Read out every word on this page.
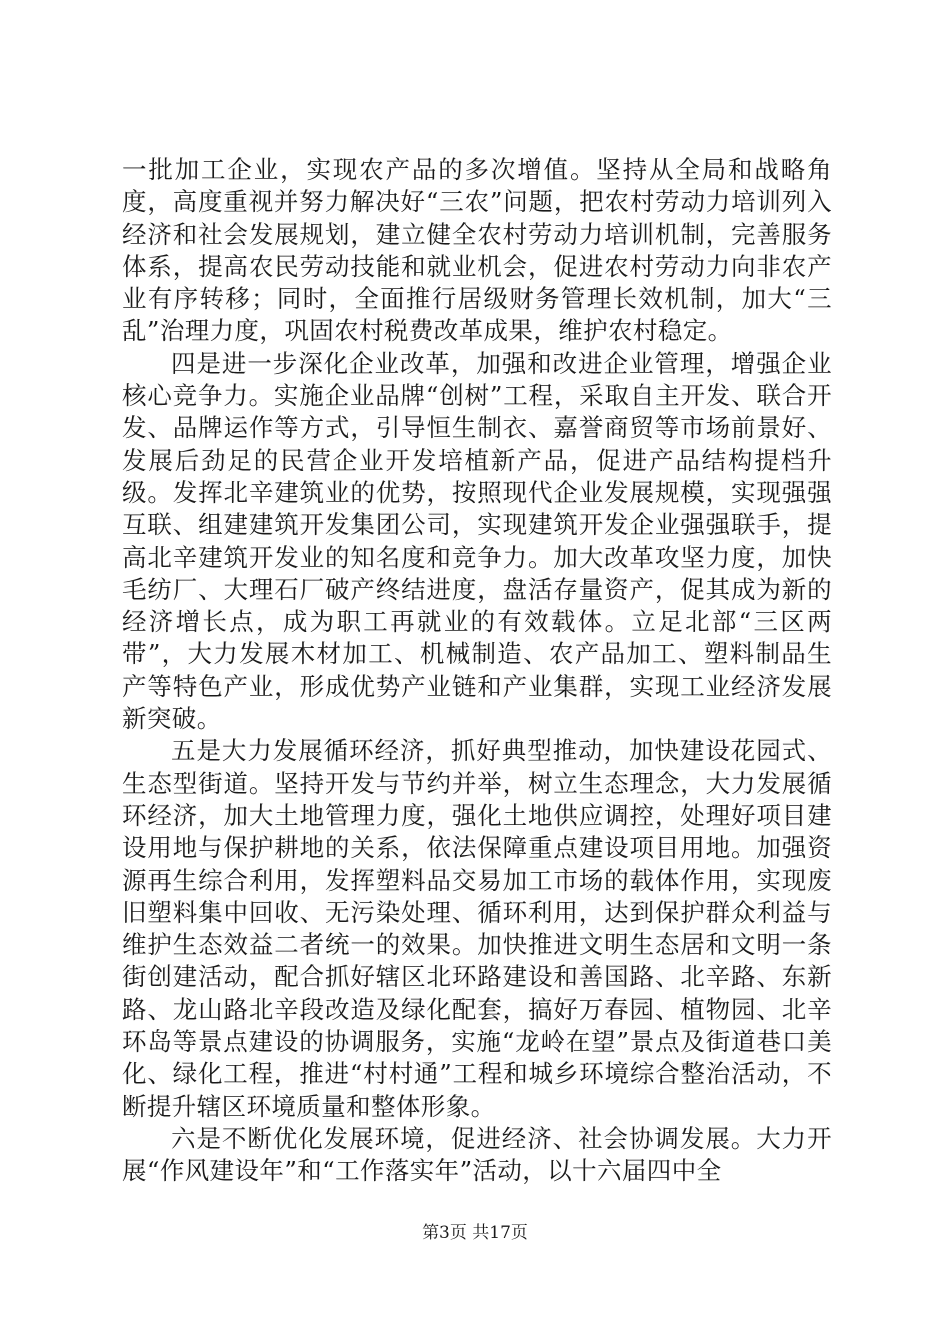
一批加工企业，实现农产品的多次增值。坚持从全局和战略角度，高度重视并努力解决好“三农”问题，把农村劳动力培训列入经济和社会发展规划，建立健全农村劳动力培训机制，完善服务体系，提高农民劳动技能和就业机会，促进农村劳动力向非农产业有序转移；同时，全面推行居级财务管理长效机制，加大“三乱”治理力度，巩固农村税费改革成果，维护农村稳定。

四是进一步深化企业改革，加强和改进企业管理，增强企业核心竞争力。实施企业品牌“创树”工程，采取自主开发、联合开发、品牌运作等方式，引导恒生制衣、嘉誉商贸等市场前景好、发展后劲足的民营企业开发培植新产品，促进产品结构提档升级。发挥北辛建筑业的优势，按照现代企业发展规模，实现强强互联、组建建筑开发集团公司，实现建筑开发企业强强联手，提高北辛建筑开发业的知名度和竞争力。加大改革攻坚力度，加快毛纺厂、大理石厂破产终结进度，盘活存量资产，促其成为新的经济增长点，成为职工再就业的有效载体。立足北部“三区两带”，大力发展木材加工、机械制造、农产品加工、塑料制品生产等特色产业，形成优势产业链和产业集群，实现工业经济发展新突破。

五是大力发展循环经济，抓好典型推动，加快建设花园式、生态型街道。坚持开发与节约并举，树立生态理念，大力发展循环经济，加大土地管理力度，强化土地供应调控，处理好项目建设用地与保护耕地的关系，依法保障重点建设项目用地。加强资源再生综合利用，发挥塑料品交易加工市场的载体作用，实现废旧塑料集中回收、无污染处理、循环利用，达到保护群众利益与维护生态效益二者统一的效果。加快推进文明生态居和文明一条街创建活动，配合抓好辖区北环路建设和善国路、北辛路、东新路、龙山路北辛段改造及绿化配套，搞好万春园、植物园、北辛环岛等景点建设的协调服务，实施“龙岭在望”景点及街道巷口美化、绿化工程，推进“村村通”工程和城乡环境综合整治活动，不断提升辖区环境质量和整体形象。

六是不断优化发展环境，促进经济、社会协调发展。大力开展“作风建设年”和“工作落实年”活动，以十六届四中全

第3页 共17页
